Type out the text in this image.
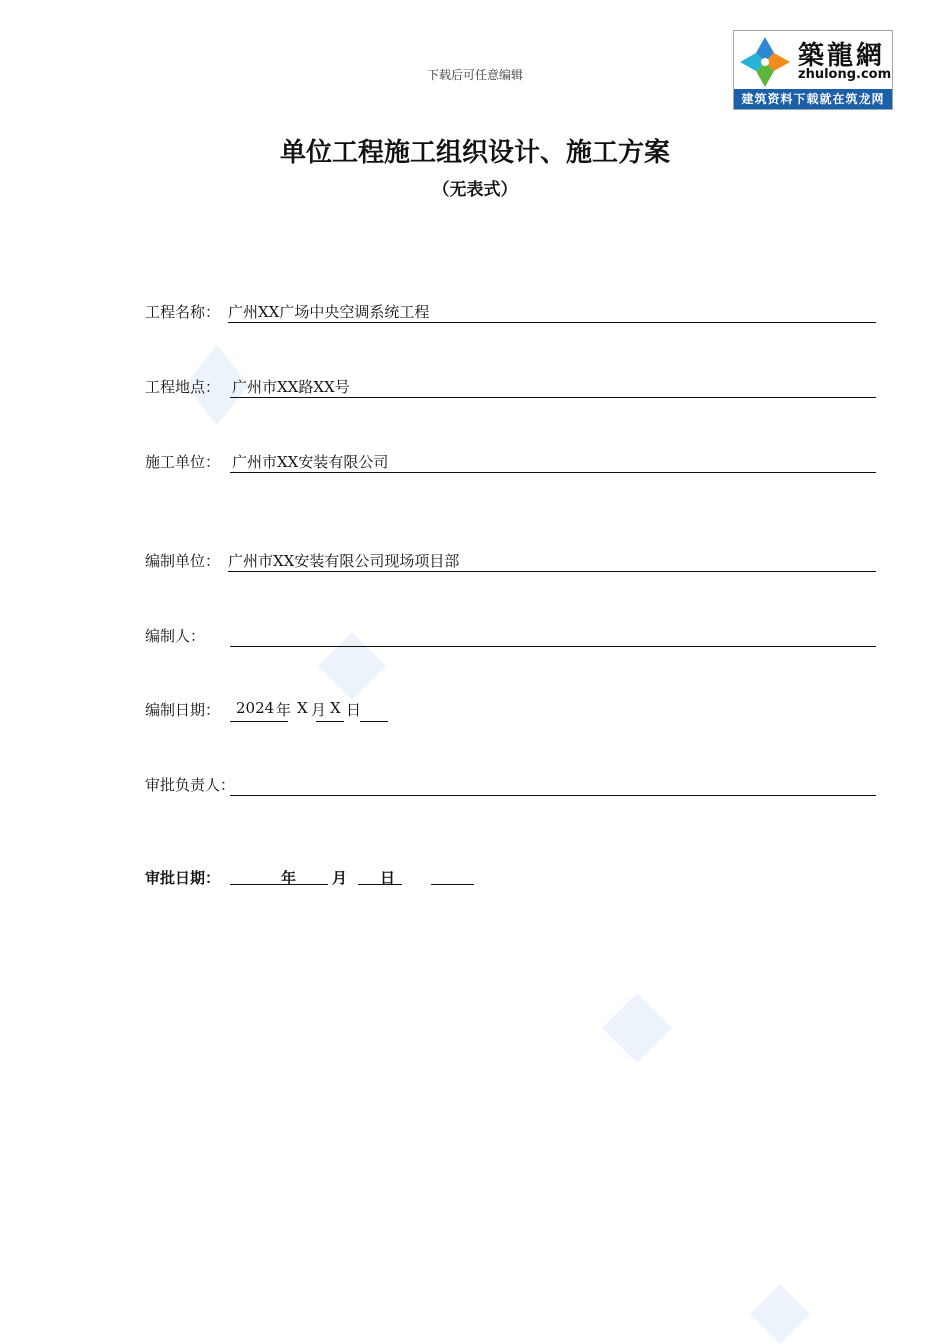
下载后可任意编辑
築龍網
zhulong.com
建筑资料下载就在筑龙网
单位工程施工组织设计、施工方案
（无表式）
工程名称： 广州XX广场中央空调系统工程
工程地点： 广州市XX路XX号
施工单位： 广州市XX安装有限公司
编制单位： 广州市XX安装有限公司现场项目部
编制人：
编制日期： 2024 年 X 月 X 日
审批负责人：
审批日期：	年 月 日
